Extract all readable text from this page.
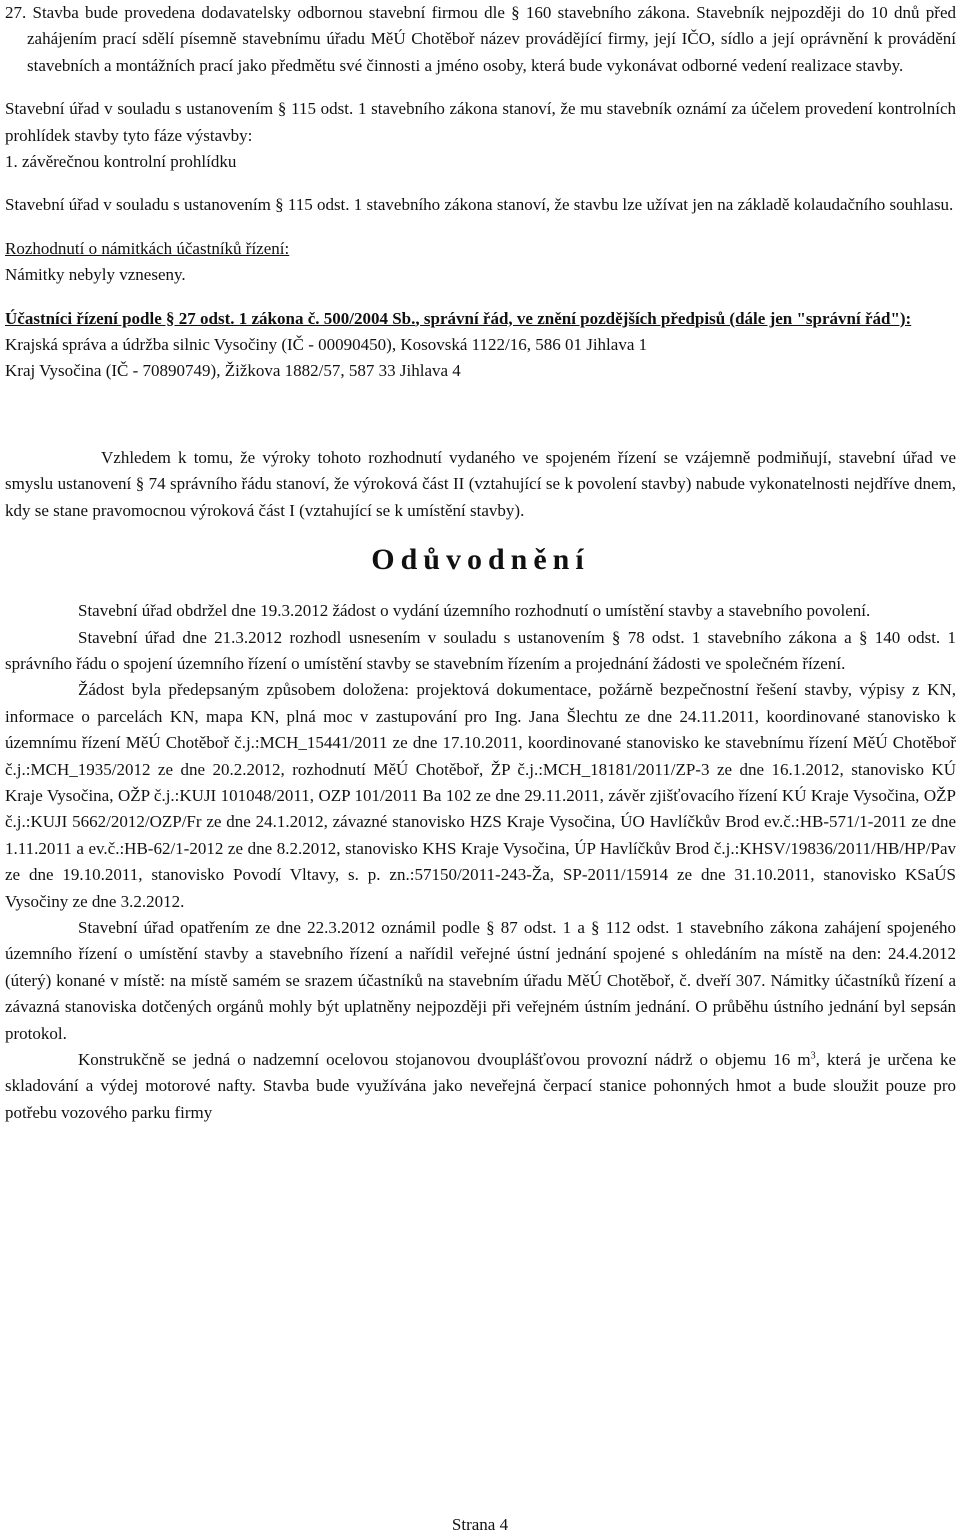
27. Stavba bude provedena dodavatelsky odbornou stavební firmou dle § 160 stavebního zákona. Stavebník nejpozději do 10 dnů před zahájením prací sdělí písemně stavebnímu úřadu MěÚ Chotěboř název provádějící firmy, její IČO, sídlo a její oprávnění k provádění stavebních a montážních prací jako předmětu své činnosti a jméno osoby, která bude vykonávat odborné vedení realizace stavby.

Stavební úřad v souladu s ustanovením § 115 odst. 1 stavebního zákona stanoví, že mu stavebník oznámí za účelem provedení kontrolních prohlídek stavby tyto fáze výstavby:

1. závěrečnou kontrolní prohlídku

Stavební úřad v souladu s ustanovením § 115 odst. 1 stavebního zákona stanoví, že stavbu lze užívat jen na základě kolaudačního souhlasu.

Rozhodnutí o námitkách účastníků řízení:

Námitky nebyly vzneseny.

Účastníci řízení podle § 27 odst. 1 zákona č. 500/2004 Sb., správní řád, ve znění pozdějších předpisů (dále jen "správní řád"):

Krajská správa a údržba silnic Vysočiny (IČ - 00090450), Kosovská 1122/16, 586 01 Jihlava 1

Kraj Vysočina (IČ - 70890749), Žižkova 1882/57, 587 33 Jihlava 4

Vzhledem k tomu, že výroky tohoto rozhodnutí vydaného ve spojeném řízení se vzájemně podmiňují, stavební úřad ve smyslu ustanovení § 74 správního řádu stanoví, že výroková část II (vztahující se k povolení stavby) nabude vykonatelnosti nejdříve dnem, kdy se stane pravomocnou výroková část I (vztahující se k umístění stavby).

Odůvodnění

Stavební úřad obdržel dne 19.3.2012 žádost o vydání územního rozhodnutí o umístění stavby a stavebního povolení.

Stavební úřad dne 21.3.2012 rozhodl usnesením v souladu s ustanovením § 78 odst. 1 stavebního zákona a § 140 odst. 1 správního řádu o spojení územního řízení o umístění stavby se stavebním řízením a projednání žádosti ve společném řízení.

Žádost byla předepsaným způsobem doložena: projektová dokumentace, požárně bezpečnostní řešení stavby, výpisy z KN, informace o parcelách KN, mapa KN, plná moc v zastupování pro Ing. Jana Šlechtu ze dne 24.11.2011, koordinované stanovisko k územnímu řízení MěÚ Chotěboř č.j.:MCH_15441/2011 ze dne 17.10.2011, koordinované stanovisko ke stavebnímu řízení MěÚ Chotěboř č.j.:MCH_1935/2012 ze dne 20.2.2012, rozhodnutí MěÚ Chotěboř, ŽP č.j.:MCH_18181/2011/ZP-3 ze dne 16.1.2012, stanovisko KÚ Kraje Vysočina, OŽP č.j.:KUJI 101048/2011, OZP 101/2011 Ba 102 ze dne 29.11.2011, závěr zjišťovacího řízení KÚ Kraje Vysočina, OŽP č.j.:KUJI 5662/2012/OZP/Fr ze dne 24.1.2012, závazné stanovisko HZS Kraje Vysočina, ÚO Havlíčkův Brod ev.č.:HB-571/1-2011 ze dne 1.11.2011 a ev.č.:HB-62/1-2012 ze dne 8.2.2012, stanovisko KHS Kraje Vysočina, ÚP Havlíčkův Brod č.j.:KHSV/19836/2011/HB/HP/Pav ze dne 19.10.2011, stanovisko Povodí Vltavy, s. p. zn.:57150/2011-243-Ža, SP-2011/15914 ze dne 31.10.2011, stanovisko KSaÚS Vysočiny ze dne 3.2.2012.

Stavební úřad opatřením ze dne 22.3.2012 oznámil podle § 87 odst. 1 a § 112 odst. 1 stavebního zákona zahájení spojeného územního řízení o umístění stavby a stavebního řízení a nařídil veřejné ústní jednání spojené s ohledáním na místě na den: 24.4.2012 (úterý) konané v místě: na místě samém se srazem účastníků na stavebním úřadu MěÚ Chotěboř, č. dveří 307. Námitky účastníků řízení a závazná stanoviska dotčených orgánů mohly být uplatněny nejpozději při veřejném ústním jednání. O průběhu ústního jednání byl sepsán protokol.

Konstrukčně se jedná o nadzemní ocelovou stojanovou dvouplášťovou provozní nádrž o objemu 16 $m^3$, která je určena ke skladování a výdej motorové nafty. Stavba bude využívána jako neveřejná čerpací stanice pohonných hmot a bude sloužit pouze pro potřebu vozového parku firmy

Strana 4
